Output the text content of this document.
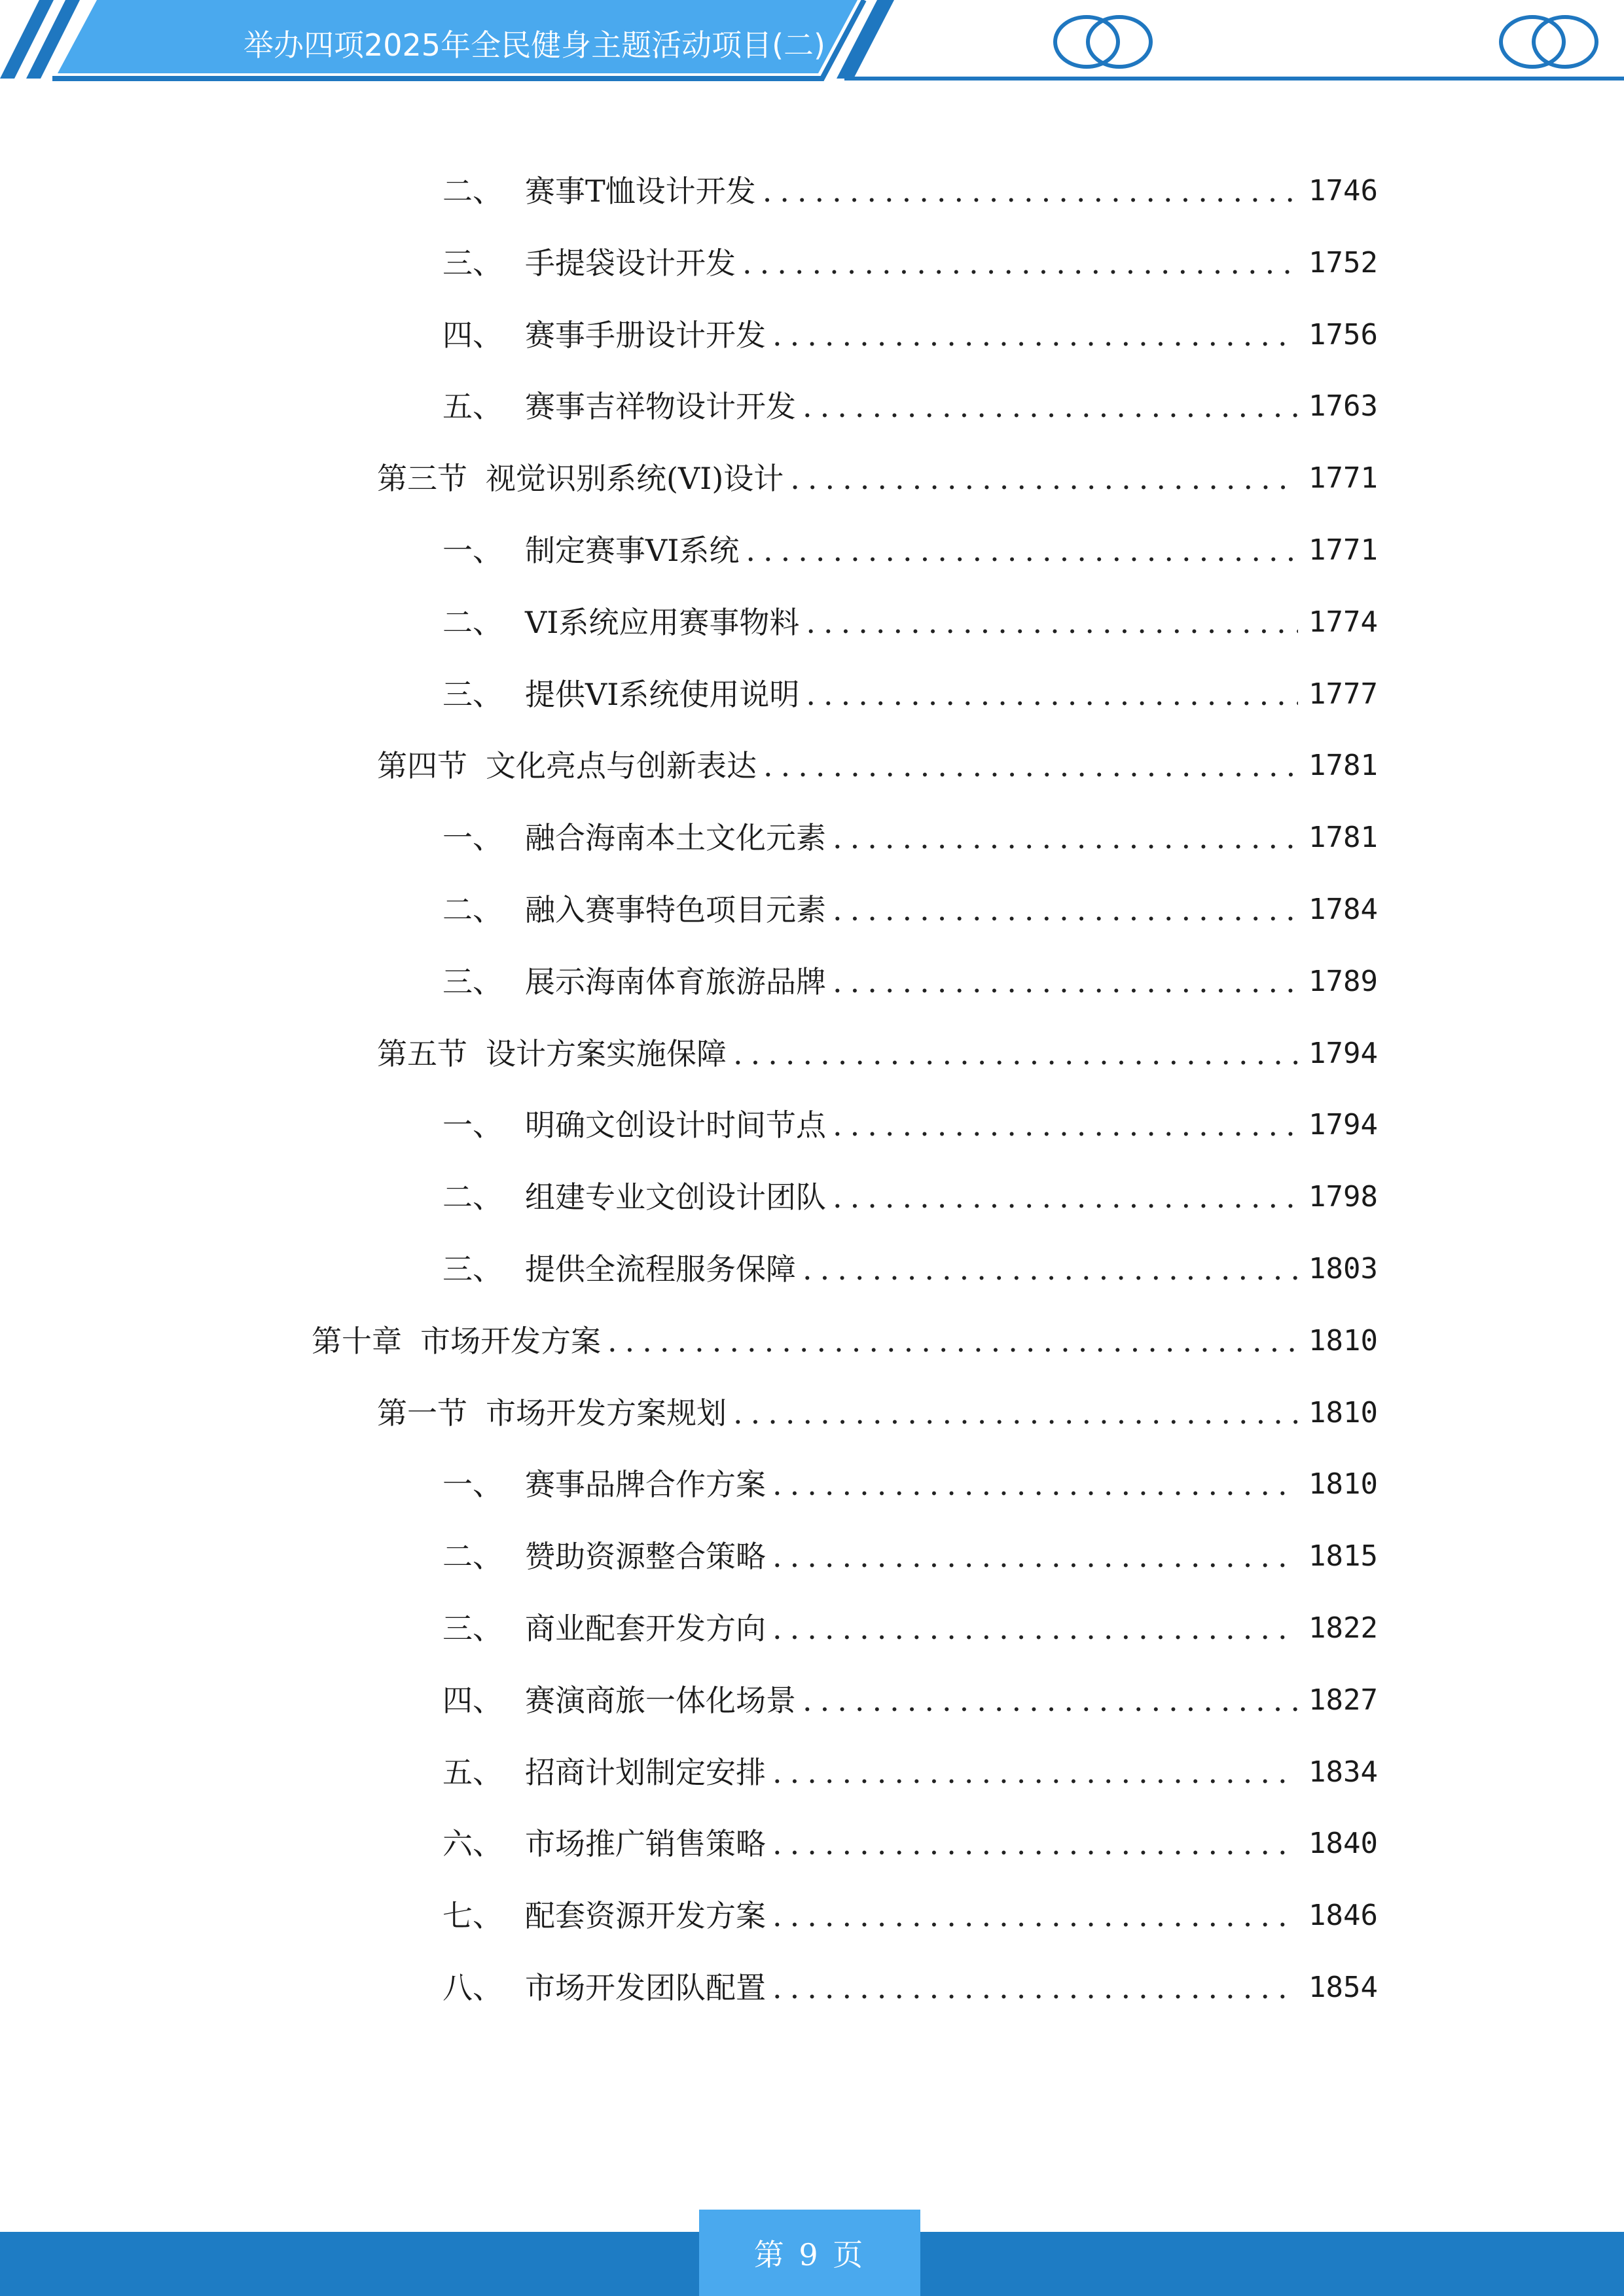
举办四项2025年全民健身主题活动项目(二)
二、 赛事T恤设计开发 .....	1746
三、 手提袋设计开发 .....	1752
四、 赛事手册设计开发 .....	1756
五、 赛事吉祥物设计开发 .....	1763
第三节 视觉识别系统(VI)设计 .....	1771
一、 制定赛事VI系统 .....	1771
二、 VI系统应用赛事物料 .....	1774
三、 提供VI系统使用说明 .....	1777
第四节 文化亮点与创新表达 .....	1781
一、 融合海南本土文化元素 .....	1781
二、 融入赛事特色项目元素 .....	1784
三、 展示海南体育旅游品牌 .....	1789
第五节 设计方案实施保障 .....	1794
一、 明确文创设计时间节点 .....	1794
二、 组建专业文创设计团队 .....	1798
三、 提供全流程服务保障 .....	1803
第十章 市场开发方案 .....	1810
第一节 市场开发方案规划 .....	1810
一、 赛事品牌合作方案 .....	1810
二、 赞助资源整合策略 .....	1815
三、 商业配套开发方向 .....	1822
四、 赛演商旅一体化场景 .....	1827
五、 招商计划制定安排 .....	1834
六、 市场推广销售策略 .....	1840
七、 配套资源开发方案 .....	1846
八、 市场开发团队配置 .....	1854
第 9 页
